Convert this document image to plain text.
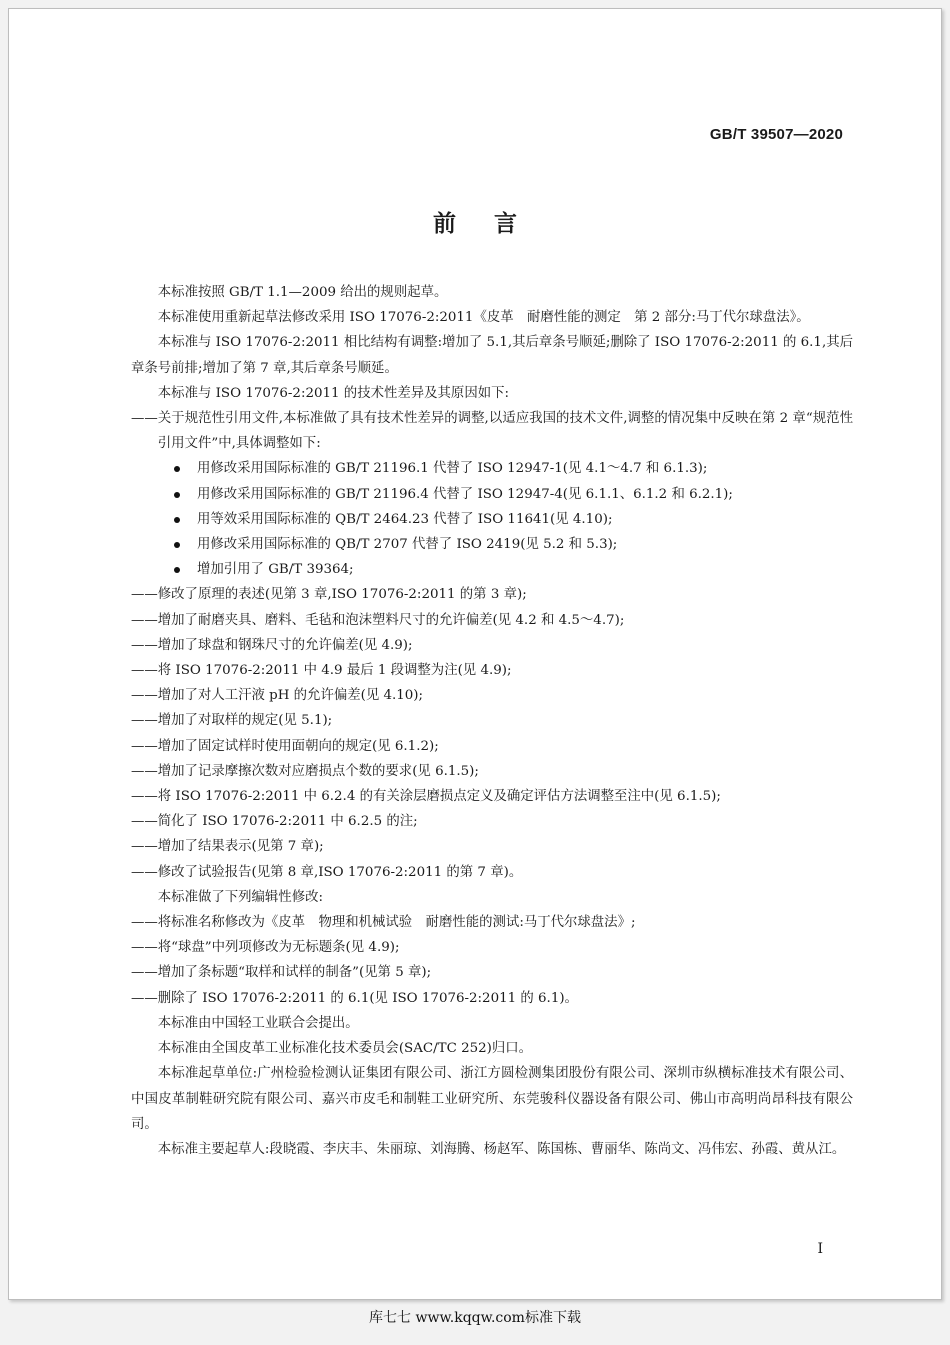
GB/T 39507—2020
前言

本标准按照 GB/T 1.1—2009 给出的规则起草。

本标准使用重新起草法修改采用 ISO 17076-2:2011《皮革　耐磨性能的测定　第 2 部分:马丁代尔球盘法》。

本标准与 ISO 17076-2:2011 相比结构有调整:增加了 5.1,其后章条号顺延;删除了 ISO 17076-2:2011 的 6.1,其后章条号前排;增加了第 7 章,其后章条号顺延。

本标准与 ISO 17076-2:2011 的技术性差异及其原因如下:

——关于规范性引用文件,本标准做了具有技术性差异的调整,以适应我国的技术文件,调整的情况集中反映在第 2 章“规范性引用文件”中,具体调整如下:

用修改采用国际标准的 GB/T 21196.1 代替了 ISO 12947-1(见 4.1～4.7 和 6.1.3);

用修改采用国际标准的 GB/T 21196.4 代替了 ISO 12947-4(见 6.1.1、6.1.2 和 6.2.1);

用等效采用国际标准的 QB/T 2464.23 代替了 ISO 11641(见 4.10);

用修改采用国际标准的 QB/T 2707 代替了 ISO 2419(见 5.2 和 5.3);

增加引用了 GB/T 39364;

——修改了原理的表述(见第 3 章,ISO 17076-2:2011 的第 3 章);

——增加了耐磨夹具、磨料、毛毡和泡沫塑料尺寸的允许偏差(见 4.2 和 4.5～4.7);

——增加了球盘和钢珠尺寸的允许偏差(见 4.9);

——将 ISO 17076-2:2011 中 4.9 最后 1 段调整为注(见 4.9);

——增加了对人工汗液 pH 的允许偏差(见 4.10);

——增加了对取样的规定(见 5.1);

——增加了固定试样时使用面朝向的规定(见 6.1.2);

——增加了记录摩擦次数对应磨损点个数的要求(见 6.1.5);

——将 ISO 17076-2:2011 中 6.2.4 的有关涂层磨损点定义及确定评估方法调整至注中(见 6.1.5);

——简化了 ISO 17076-2:2011 中 6.2.5 的注;

——增加了结果表示(见第 7 章);

——修改了试验报告(见第 8 章,ISO 17076-2:2011 的第 7 章)。

本标准做了下列编辑性修改:

——将标准名称修改为《皮革　物理和机械试验　耐磨性能的测试:马丁代尔球盘法》;

——将“球盘”中列项修改为无标题条(见 4.9);

——增加了条标题“取样和试样的制备”(见第 5 章);

——删除了 ISO 17076-2:2011 的 6.1(见 ISO 17076-2:2011 的 6.1)。

本标准由中国轻工业联合会提出。

本标准由全国皮革工业标准化技术委员会(SAC/TC 252)归口。

本标准起草单位:广州检验检测认证集团有限公司、浙江方圆检测集团股份有限公司、深圳市纵横标准技术有限公司、中国皮革制鞋研究院有限公司、嘉兴市皮毛和制鞋工业研究所、东莞骏科仪器设备有限公司、佛山市高明尚昂科技有限公司。

本标准主要起草人:段晓霞、李庆丰、朱丽琼、刘海腾、杨赵军、陈国栋、曹丽华、陈尚文、冯伟宏、孙霞、黄从江。

I
库七七 www.kqqw.com标准下载
